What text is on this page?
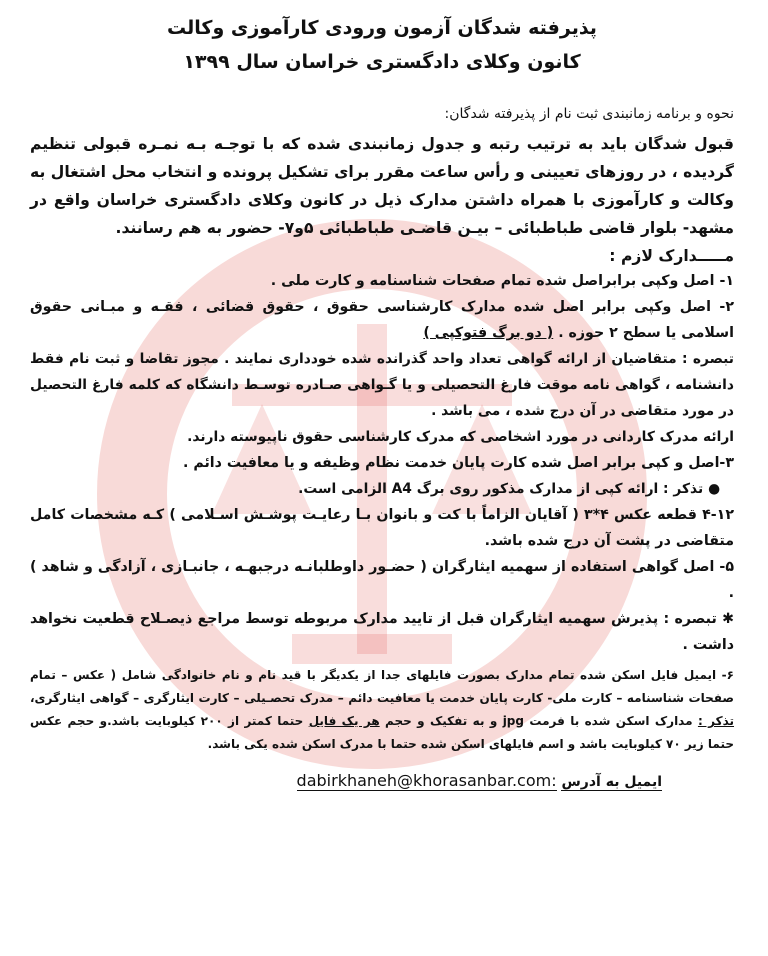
پذیرفته شدگان آزمون ورودی کارآموزی وکالت
کانون وکلای دادگستری خراسان سال ۱۳۹۹

نحوه و برنامه زمانبندی ثبت نام از پذیرفته شدگان:

قبول شدگان باید به ترتیب رتبه و جدول زمانبندی شده که با توجـه بـه نمـره قبولی تنظیم گردیده ، در روزهای تعیینی و رأس ساعت مقرر برای تشکیل پرونده و انتخاب محل اشتغال به وکالت و کارآموزی با همراه داشتن مدارک ذیل در کانون وکلای دادگستری خراسان واقع در مشهد- بلوار قاضی طباطبائی – بیـن قاضـی طباطبائی ۵و۷- حضور به هم رسانند.

مـــــدارک لازم :

۱- اصل وکپی برابراصل شده تمام صفحات شناسنامه و کارت ملی .

۲- اصل وکپی برابر اصل شده مدارک کارشناسی حقوق ، حقوق قضائی ، فقـه و مبـانی حقوق اسلامی یا سطح ۲ حوزه . ( دو برگ فتوکپی )

تبصره : متقاضیان از ارائه گواهی تعداد واحد گذرانده شده خودداری نمایند . مجوز تقاضا و ثبت نام فقط دانشنامه ، گواهی نامه موقت فارغ التحصیلی و یا گـواهی صـادره توسـط دانشگاه که کلمه فارغ التحصیل در مورد متقاضی در آن درج شده ، می باشد .

ارائه مدرک کاردانی در مورد اشخاصی که مدرک کارشناسی حقوق ناپیوسته دارند.

۳-اصل و کپی برابر اصل شده کارت پایان خدمت نظام وظیفه و یا معافیت دائم .

● تذکر : ارائه کپی از مدارک مذکور روی برگ A4 الزامی است.

۴-۱۲ قطعه عکس ۴*۳ ( آقایان الزاماً با کت و بانوان بـا رعایـت پوشـش اسـلامی ) کـه مشخصات کامل متقاضی در پشت آن درج شده باشد.

۵- اصل گواهی استفاده از سهمیه ایثارگران ( حضـور داوطلبانـه درجبهـه ، جانبـازی ، آزادگی و شاهد ) .

✱ تبصره : پذیرش سهمیه ایثارگران قبل از تایید مدارک مربوطه توسط مراجع ذیصـلاح قطعیت نخواهد داشت .

۶- ایمیل فایل اسکن شده تمام مدارک بصورت فایلهای جدا از یکدیگر با قید نام و نام خانوادگی شامل ( عکس – تمام صفحات شناسنامه – کارت ملی- کارت پایان خدمت یا معافیت دائم – مدرک تحصـیلی – کارت ایثارگری – گواهی ایثارگری، تذکر : مدارک اسکن شده با فرمت jpg و به تفکیک و حجم هر یک فایل حتما کمتر از ۲۰۰ کیلوبایت باشد.و حجم عکس حتما زیر ۷۰ کیلوبایت باشد و اسم فایلهای اسکن شده حتما با مدرک اسکن شده یکی باشد.

ایمیل به آدرس dabirkhaneh@khorasanbar.com:
